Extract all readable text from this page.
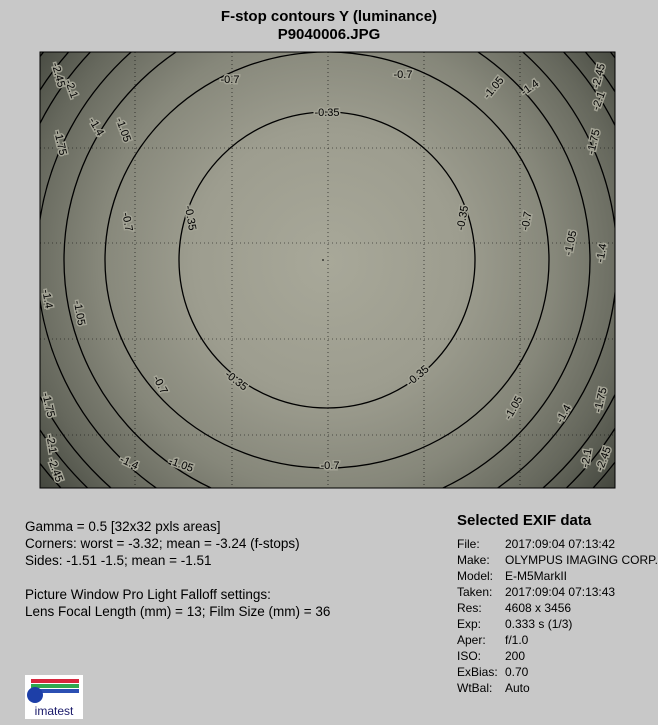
F-stop contours Y (luminance)
P9040006.JPG
-0.35
-0.35	-0.35
-0.35	-0.35
-0.7	-0.7
-0.7	-0.7
-0.7
-0.7
-1.05
-1.05
-1.05
-1.05
-1.05
-1.05
-1.4
-1.4
-1.4
-1.4
-1.4
-1.4
-1.75	-1.75
-1.75	-1.75
-2.1
-2.1
-2.1
-2.1
-2.45	-2.45
-2.45	-2.45
Gamma = 0.5 [32x32 pxls areas]
Corners: worst = -3.32; mean = -3.24 (f-stops)
Sides: -1.51 -1.5; mean = -1.51
Picture Window Pro Light Falloff settings:
Lens Focal Length (mm) = 13; Film Size (mm) = 36
Selected EXIF data
File: 2017:09:04 07:13:42
Make: OLYMPUS IMAGING CORP.
Model: E-M5MarkII
Taken: 2017:09:04 07:13:43
Res: 4608 x 3456
Exp: 0.333 s (1/3)
Aper: f/1.0
ISO: 200
ExBias: 0.70
WtBal: Auto
imatest
